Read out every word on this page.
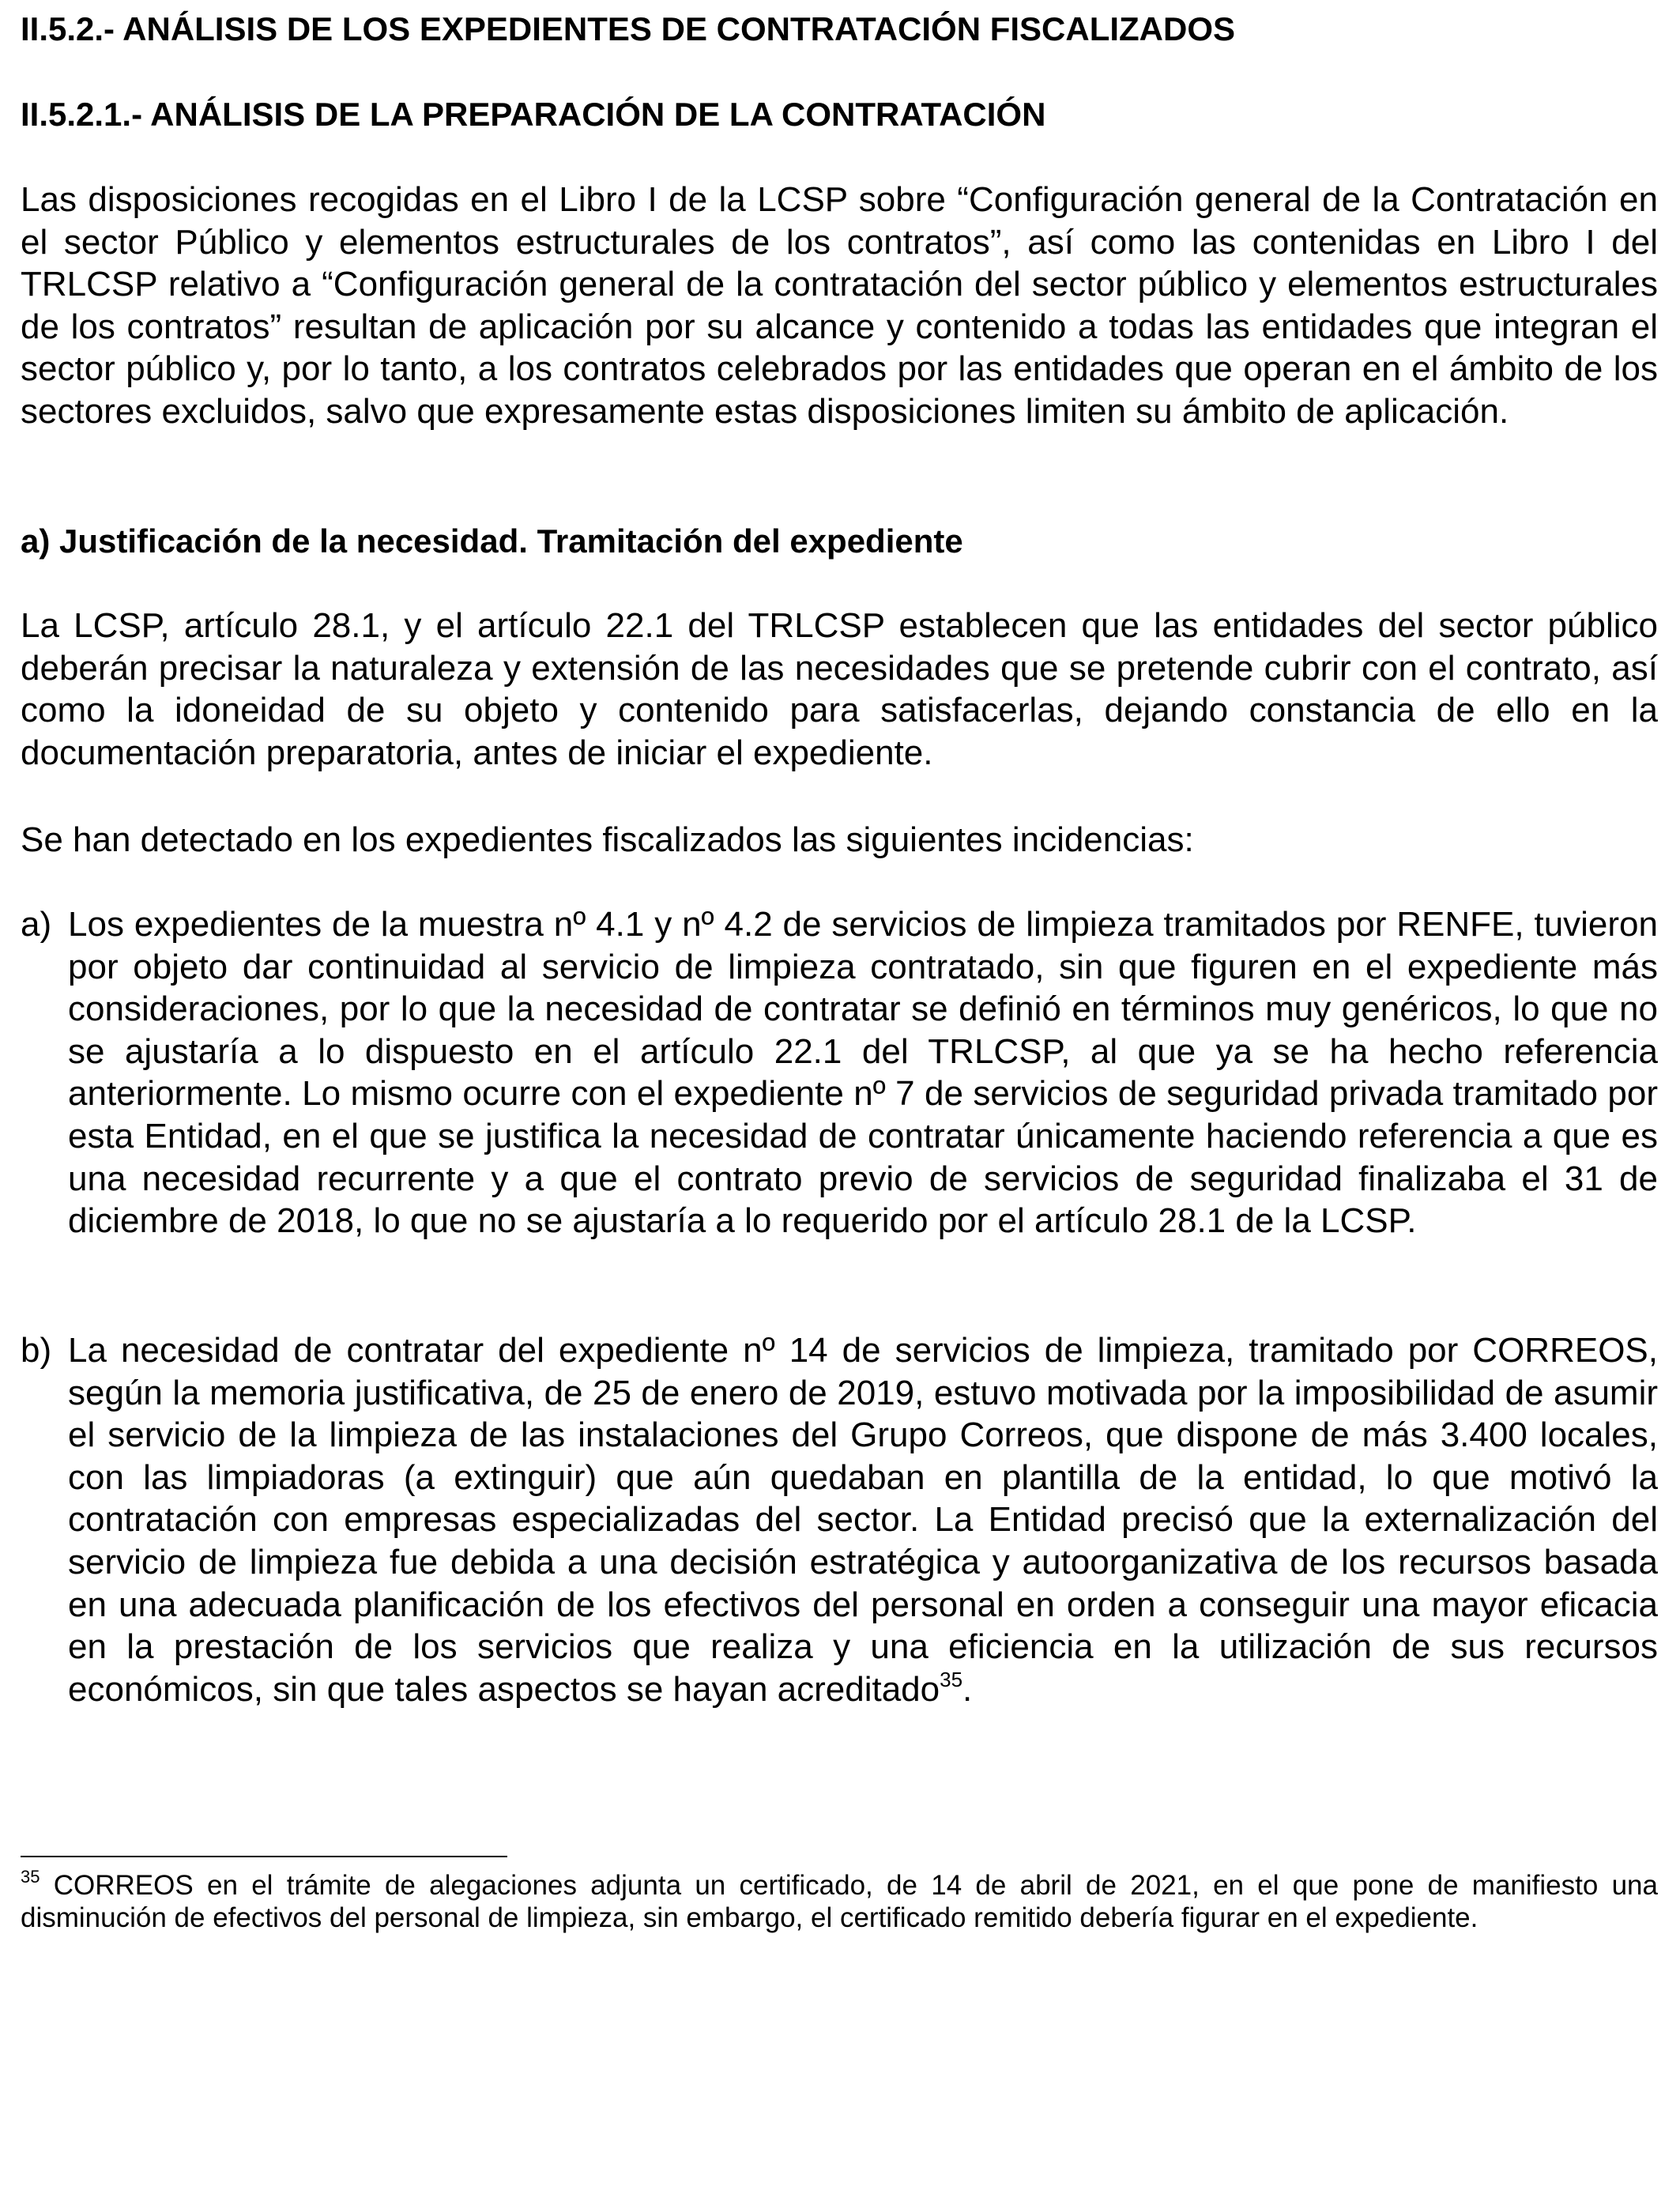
II.5.2.- ANÁLISIS DE LOS EXPEDIENTES DE CONTRATACIÓN FISCALIZADOS
II.5.2.1.- ANÁLISIS DE LA PREPARACIÓN DE LA CONTRATACIÓN

Las disposiciones recogidas en el Libro I de la LCSP sobre “Configuración general de la Contratación en el sector Público y elementos estructurales de los contratos”, así como las contenidas en Libro I del TRLCSP relativo a “Configuración general de la contratación del sector público y elementos estructurales de los contratos” resultan de aplicación por su alcance y contenido a todas las entidades que integran el sector público y, por lo tanto, a los contratos celebrados por las entidades que operan en el ámbito de los sectores excluidos, salvo que expresamente estas disposiciones limiten su ámbito de aplicación.

a) Justificación de la necesidad. Tramitación del expediente

La LCSP, artículo 28.1, y el artículo 22.1 del TRLCSP establecen que las entidades del sector público deberán precisar la naturaleza y extensión de las necesidades que se pretende cubrir con el contrato, así como la idoneidad de su objeto y contenido para satisfacerlas, dejando constancia de ello en la documentación preparatoria, antes de iniciar el expediente.

Se han detectado en los expedientes fiscalizados las siguientes incidencias:

a) Los expedientes de la muestra nº 4.1 y nº 4.2 de servicios de limpieza tramitados por RENFE, tuvieron por objeto dar continuidad al servicio de limpieza contratado, sin que figuren en el expediente más consideraciones, por lo que la necesidad de contratar se definió en términos muy genéricos, lo que no se ajustaría a lo dispuesto en el artículo 22.1 del TRLCSP, al que ya se ha hecho referencia anteriormente. Lo mismo ocurre con el expediente nº 7 de servicios de seguridad privada tramitado por esta Entidad, en el que se justifica la necesidad de contratar únicamente haciendo referencia a que es una necesidad recurrente y a que el contrato previo de servicios de seguridad finalizaba el 31 de diciembre de 2018, lo que no se ajustaría a lo requerido por el artículo 28.1 de la LCSP.

b) La necesidad de contratar del expediente nº 14 de servicios de limpieza, tramitado por CORREOS, según la memoria justificativa, de 25 de enero de 2019, estuvo motivada por la imposibilidad de asumir el servicio de la limpieza de las instalaciones del Grupo Correos, que dispone de más 3.400 locales, con las limpiadoras (a extinguir) que aún quedaban en plantilla de la entidad, lo que motivó la contratación con empresas especializadas del sector. La Entidad precisó que la externalización del servicio de limpieza fue debida a una decisión estratégica y autoorganizativa de los recursos basada en una adecuada planificación de los efectivos del personal en orden a conseguir una mayor eficacia en la prestación de los servicios que realiza y una eficiencia en la utilización de sus recursos económicos, sin que tales aspectos se hayan acreditado$^{35}$.

$^{35}$ CORREOS en el trámite de alegaciones adjunta un certificado, de 14 de abril de 2021, en el que pone de manifiesto una disminución de efectivos del personal de limpieza, sin embargo, el certificado remitido debería figurar en el expediente.
